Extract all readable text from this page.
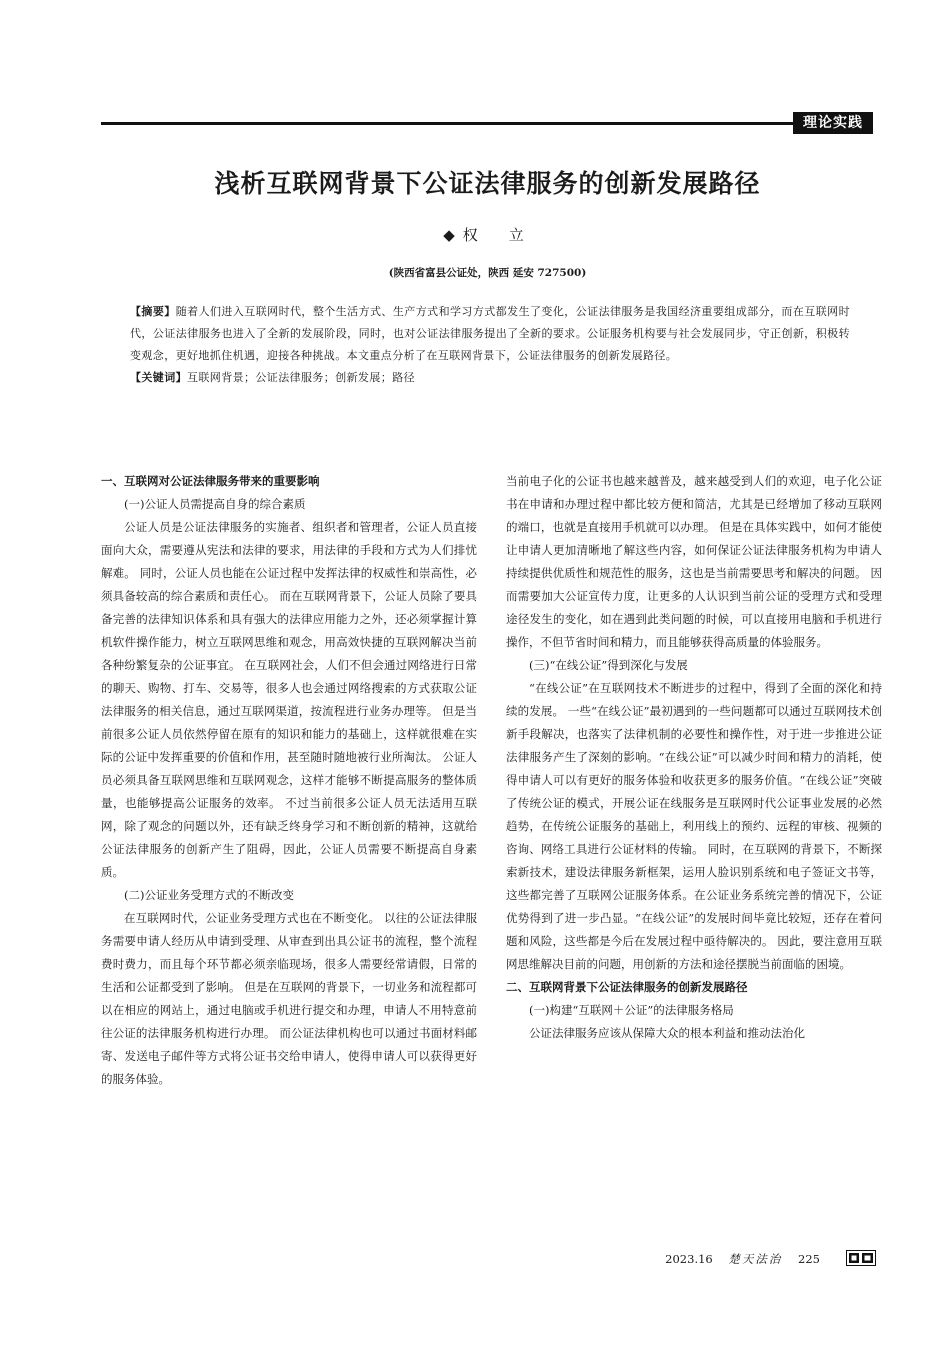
理论实践
浅析互联网背景下公证法律服务的创新发展路径
◆权　立
(陕西省富县公证处，陕西 延安 727500)
【摘要】随着人们进入互联网时代，整个生活方式、生产方式和学习方式都发生了变化，公证法律服务是我国经济重要组成部分，而在互联网时代，公证法律服务也进入了全新的发展阶段，同时，也对公证法律服务提出了全新的要求。公证服务机构要与社会发展同步，守正创新，积极转变观念，更好地抓住机遇，迎接各种挑战。本文重点分析了在互联网背景下，公证法律服务的创新发展路径。
【关键词】互联网背景；公证法律服务；创新发展；路径

一、互联网对公证法律服务带来的重要影响

(一)公证人员需提高自身的综合素质

公证人员是公证法律服务的实施者、组织者和管理者，公证人员直接面向大众，需要遵从宪法和法律的要求，用法律的手段和方式为人们排忧解难。 同时，公证人员也能在公证过程中发挥法律的权威性和崇高性，必须具备较高的综合素质和责任心。 而在互联网背景下，公证人员除了要具备完善的法律知识体系和具有强大的法律应用能力之外，还必须掌握计算机软件操作能力，树立互联网思维和观念，用高效快捷的互联网解决当前各种纷繁复杂的公证事宜。 在互联网社会，人们不但会通过网络进行日常的聊天、购物、打车、交易等，很多人也会通过网络搜索的方式获取公证法律服务的相关信息，通过互联网渠道，按流程进行业务办理等。 但是当前很多公证人员依然停留在原有的知识和能力的基础上，这样就很难在实际的公证中发挥重要的价值和作用，甚至随时随地被行业所淘汰。 公证人员必须具备互联网思维和互联网观念，这样才能够不断提高服务的整体质量，也能够提高公证服务的效率。 不过当前很多公证人员无法适用互联网，除了观念的问题以外，还有缺乏终身学习和不断创新的精神，这就给公证法律服务的创新产生了阻碍，因此，公证人员需要不断提高自身素质。

(二)公证业务受理方式的不断改变

在互联网时代，公证业务受理方式也在不断变化。 以往的公证法律服务需要申请人经历从申请到受理、从审查到出具公证书的流程，整个流程费时费力，而且每个环节都必须亲临现场，很多人需要经常请假，日常的生活和公证都受到了影响。 但是在互联网的背景下，一切业务和流程都可以在相应的网站上，通过电脑或手机进行提交和办理，申请人不用特意前往公证的法律服务机构进行办理。 而公证法律机构也可以通过书面材料邮寄、发送电子邮件等方式将公证书交给申请人，使得申请人可以获得更好的服务体验。

当前电子化的公证书也越来越普及，越来越受到人们的欢迎，电子化公证书在申请和办理过程中都比较方便和简洁，尤其是已经增加了移动互联网的端口，也就是直接用手机就可以办理。 但是在具体实践中，如何才能使让申请人更加清晰地了解这些内容，如何保证公证法律服务机构为申请人持续提供优质性和规范性的服务，这也是当前需要思考和解决的问题。 因而需要加大公证宣传力度，让更多的人认识到当前公证的受理方式和受理途径发生的变化，如在遇到此类问题的时候，可以直接用电脑和手机进行操作，不但节省时间和精力，而且能够获得高质量的体验服务。

(三)“在线公证”得到深化与发展

“在线公证”在互联网技术不断进步的过程中，得到了全面的深化和持续的发展。 一些“在线公证”最初遇到的一些问题都可以通过互联网技术创新手段解决，也落实了法律机制的必要性和操作性，对于进一步推进公证法律服务产生了深刻的影响。“在线公证”可以减少时间和精力的消耗，使得申请人可以有更好的服务体验和收获更多的服务价值。“在线公证”突破了传统公证的模式，开展公证在线服务是互联网时代公证事业发展的必然趋势，在传统公证服务的基础上，利用线上的预约、远程的审核、视频的咨询、网络工具进行公证材料的传输。 同时，在互联网的背景下，不断探索新技术，建设法律服务新框架，运用人脸识别系统和电子签证文书等，这些都完善了互联网公证服务体系。在公证业务系统完善的情况下，公证优势得到了进一步凸显。“在线公证”的发展时间毕竟比较短，还存在着问题和风险，这些都是今后在发展过程中亟待解决的。 因此，要注意用互联网思维解决目前的问题，用创新的方法和途径摆脱当前面临的困境。

二、互联网背景下公证法律服务的创新发展路径

(一)构建“互联网＋公证”的法律服务格局

公证法律服务应该从保障大众的根本利益和推动法治化

2023.16 楚天法治 225
